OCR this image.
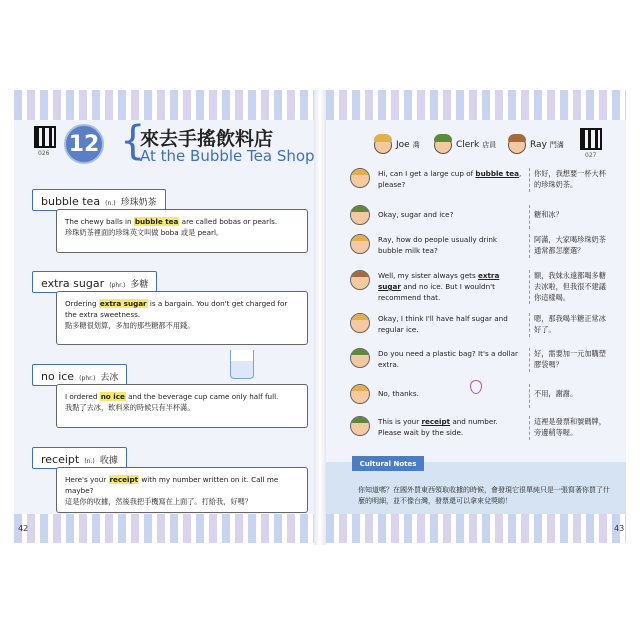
026 12 {
來去手搖飲料店
At the Bubble Tea Shop
bubble tea (n.) 珍珠奶茶
The chewy balls in bubble tea are called bobas or pearls.
珍珠奶茶裡面的珍珠英文叫做 boba 或是 pearl。
extra sugar (phr.) 多糖
Ordering extra sugar is a bargain. You don't get charged for the extra sweetness.
點多糖很划算，多加的那些糖都不用錢。
no ice (phr.) 去冰
I ordered no ice and the beverage cup came only half full.
我點了去冰，飲料來的時候只有半杯滿。
receipt (n.) 收據
Here's your receipt with my number written on it. Call me maybe?
這是你的收據，然後我把手機寫在上面了。打給我，好嗎？
42
Joe 喬	Clerk 店員	Ray 門滿
027
Hi, can I get a large cup of bubble tea, please?
你好，我想要一杯大杯的珍珠奶茶。
Okay, sugar and ice?	糖和冰？
Ray, how do people usually drink bubble milk tea?
阿滿，大家喝珍珠奶茶通常都怎麼選？
Well, my sister always gets extra sugar and no ice. But I wouldn't recommend that.
額，我妹永遠都喝多糖去冰啦，但我很不建議你這樣喝。
Okay, I think I'll have half sugar and regular ice.
嗯，那我喝半糖正常冰好了。
Do you need a plastic bag? It's a dollar extra.
好，需要加一元加購塑膠袋嗎？
No, thanks.	不用，謝謝。
This is your receipt and number. Please wait by the side.
這裡是發票和號碼牌，旁邊稍等喔。
Cultural Notes
你知道嗎？在國外買東西領取收據的時候，會發現它很單純只是一張寫著你買了什麼的明細，並不像台灣，發票還可以拿來兌獎喲！
43
